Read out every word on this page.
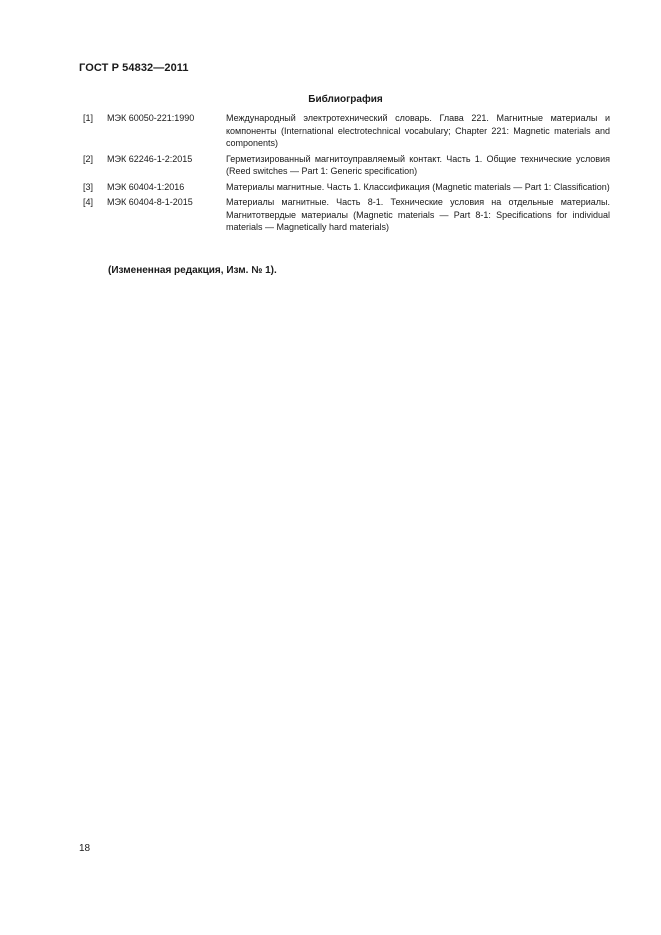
ГОСТ Р 54832—2011
Библиография
[1]	МЭК 60050-221:1990	Международный электротехнический словарь. Глава 221. Магнитные материалы и компоненты (International electrotechnical vocabulary; Chapter 221: Magnetic materials and components)
[2]	МЭК 62246-1-2:2015	Герметизированный магнитоуправляемый контакт. Часть 1. Общие технические условия (Reed switches — Part 1: Generic specification)
[3]	МЭК 60404-1:2016	Материалы магнитные. Часть 1. Классификация (Magnetic materials — Part 1: Classification)
[4]	МЭК 60404-8-1-2015	Материалы магнитные. Часть 8-1. Технические условия на отдельные материалы. Магнитотвердые материалы (Magnetic materials — Part 8-1: Specifications for individual materials — Magnetically hard materials)
(Измененная редакция, Изм. № 1).
18
